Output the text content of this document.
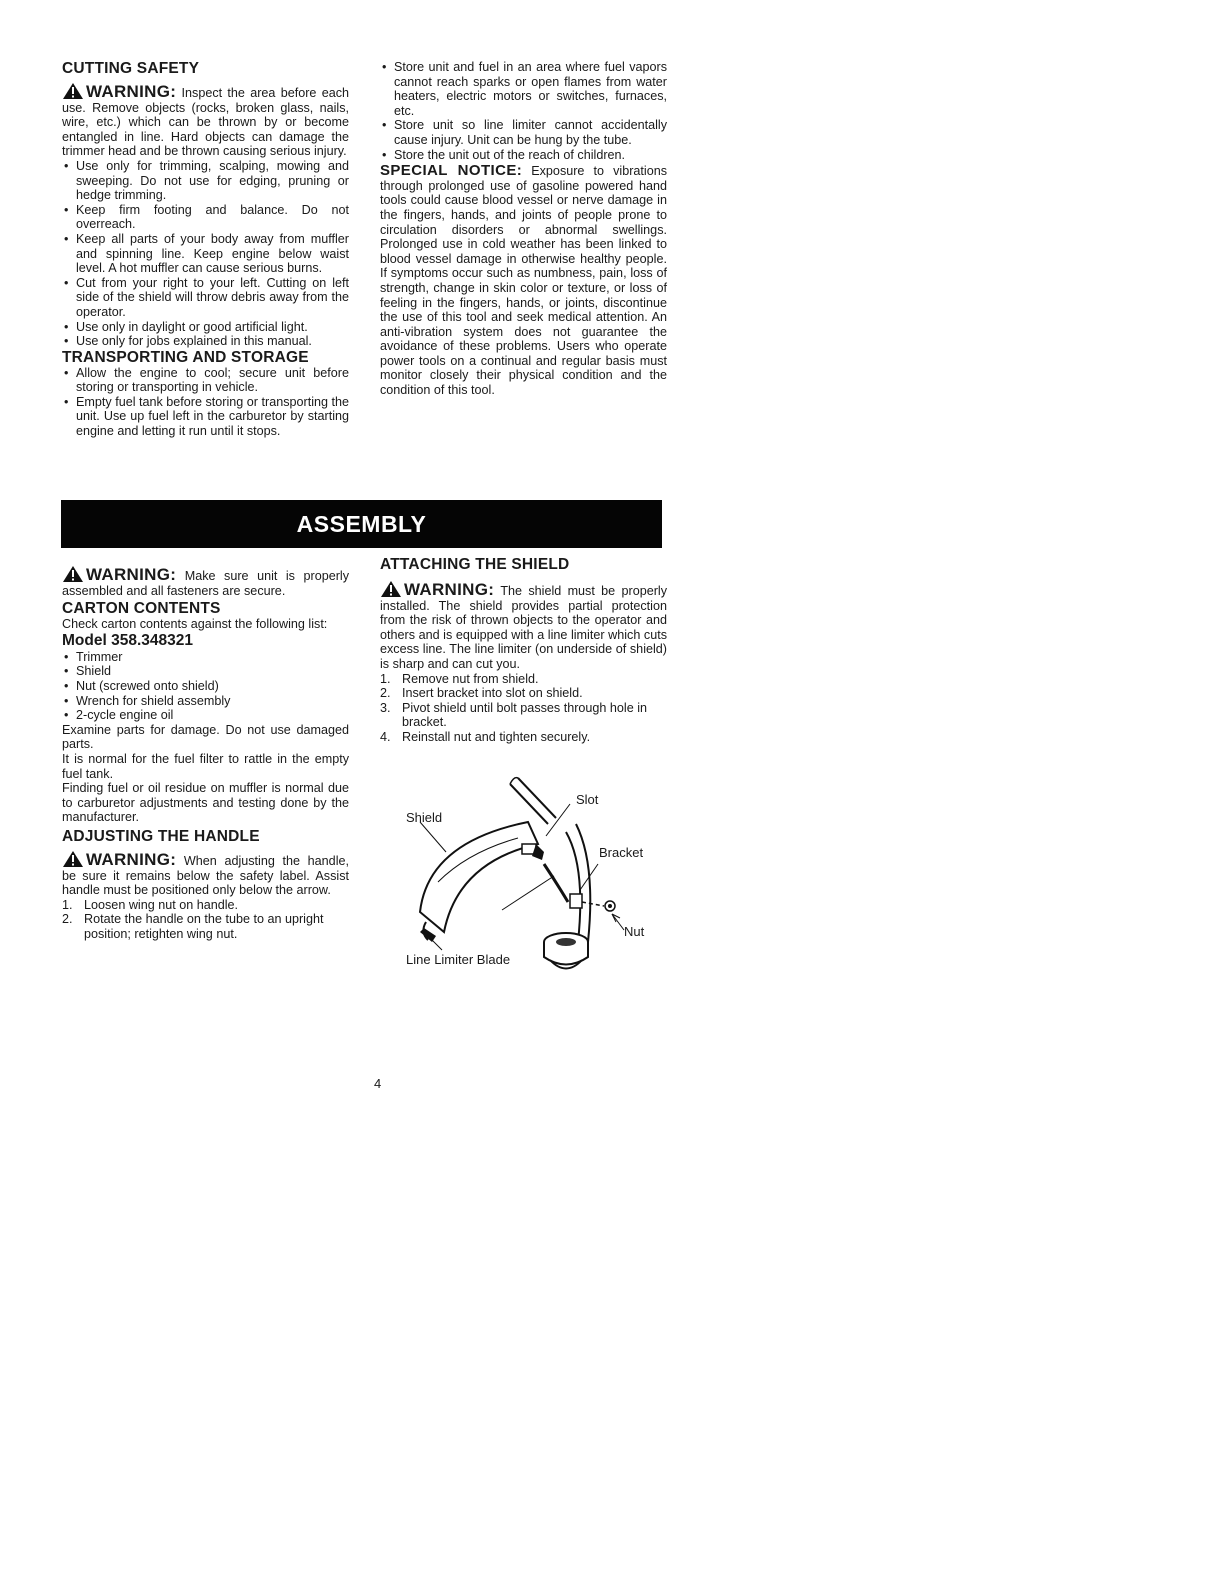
CUTTING SAFETY

WARNING: Inspect the area before each use. Remove objects (rocks, broken glass, nails, wire, etc.) which can be thrown by or become entangled in line. Hard objects can damage the trimmer head and be thrown causing serious injury.

• Use only for trimming, scalping, mowing and sweeping. Do not use for edging, pruning or hedge trimming.
• Keep firm footing and balance. Do not overreach.
• Keep all parts of your body away from muffler and spinning line. Keep engine below waist level. A hot muffler can cause serious burns.
• Cut from your right to your left. Cutting on left side of the shield will throw debris away from the operator.
• Use only in daylight or good artificial light.
• Use only for jobs explained in this manual.
TRANSPORTING AND STORAGE
• Allow the engine to cool; secure unit before storing or transporting in vehicle.
• Empty fuel tank before storing or transporting the unit. Use up fuel left in the carburetor by starting engine and letting it run until it stops.
• Store unit and fuel in an area where fuel vapors cannot reach sparks or open flames from water heaters, electric motors or switches, furnaces, etc.
• Store unit so line limiter cannot accidentally cause injury. Unit can be hung by the tube.
• Store the unit out of the reach of children.

SPECIAL NOTICE: Exposure to vibrations through prolonged use of gasoline powered hand tools could cause blood vessel or nerve damage in the fingers, hands, and joints of people prone to circulation disorders or abnormal swellings. Prolonged use in cold weather has been linked to blood vessel damage in otherwise healthy people. If symptoms occur such as numbness, pain, loss of strength, change in skin color or texture, or loss of feeling in the fingers, hands, or joints, discontinue the use of this tool and seek medical attention. An anti-vibration system does not guarantee the avoidance of these problems. Users who operate power tools on a continual and regular basis must monitor closely their physical condition and the condition of this tool.

ASSEMBLY

WARNING: Make sure unit is properly assembled and all fasteners are secure.

CARTON CONTENTS

Check carton contents against the following list:

Model 358.348321
• Trimmer
• Shield
• Nut (screwed onto shield)
• Wrench for shield assembly
• 2-cycle engine oil

Examine parts for damage. Do not use damaged parts.

It is normal for the fuel filter to rattle in the empty fuel tank.

Finding fuel or oil residue on muffler is normal due to carburetor adjustments and testing done by the manufacturer.

ADJUSTING THE HANDLE

WARNING: When adjusting the handle, be sure it remains below the safety label. Assist handle must be positioned only below the arrow.

1. Loosen wing nut on handle.
2. Rotate the handle on the tube to an upright position; retighten wing nut.
ATTACHING THE SHIELD

WARNING: The shield must be properly installed. The shield provides partial protection from the risk of thrown objects to the operator and others and is equipped with a line limiter which cuts excess line. The line limiter (on underside of shield) is sharp and can cut you.

1. Remove nut from shield.
2. Insert bracket into slot on shield.
3. Pivot shield until bolt passes through hole in bracket.
4. Reinstall nut and tighten securely.
Slot
Shield
Bracket
Nut
Line Limiter Blade
4
